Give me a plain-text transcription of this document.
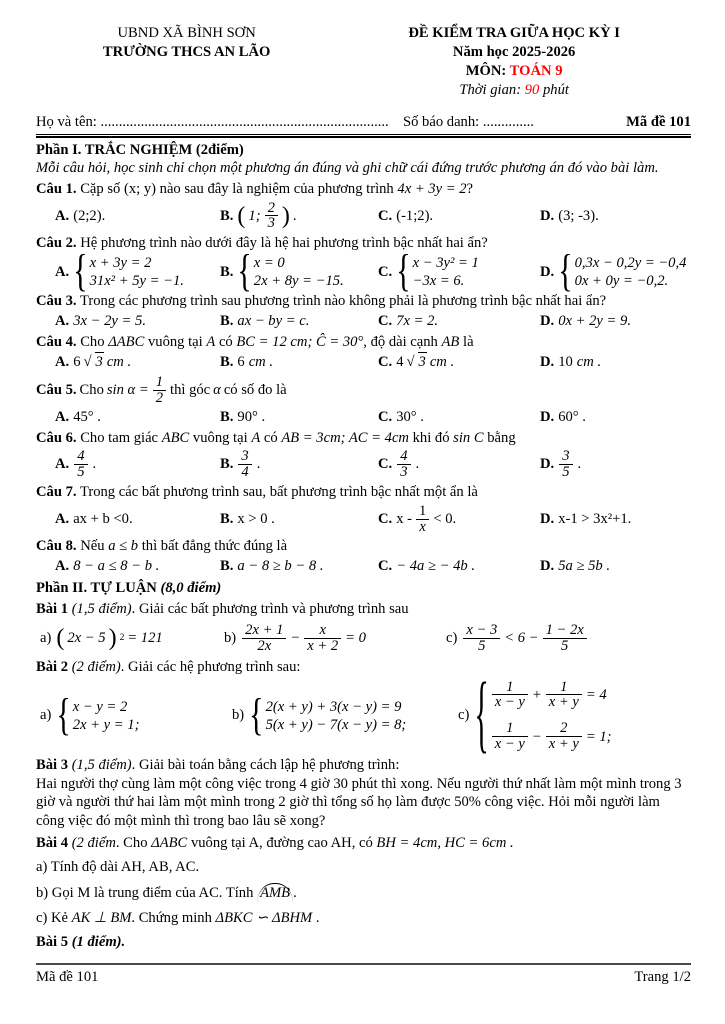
UBND XÃ BÌNH SƠN
TRƯỜNG THCS AN LÃO
ĐỀ KIỂM TRA GIỮA HỌC KỲ I
Năm học 2025-2026
MÔN: TOÁN 9
Thời gian: 90 phút
Họ và tên: ............................................................................... Số báo danh: ..............	Mã đề 101

Phần I. TRẮC NGHIỆM (2điểm)

Mỗi câu hỏi, học sinh chỉ chọn một phương án đúng và ghi chữ cái đứng trước phương án đó vào bài làm.

Câu 1. Cặp số (x; y) nào sau đây là nghiệm của phương trình 4x + 3y = 2?

A. (2;2).	B. ( 1; $\frac{2}{3}$ ) .	C. (-1;2).	D. (3; -3).

Câu 2. Hệ phương trình nào dưới đây là hệ hai phương trình bậc nhất hai ẩn?

A. { x + 3y = 2
31x² + 5y = −1.
B. { x = 0
2x + 8y = −15.
C. { x − 3y² = 1
−3x = 6.
D. { 0,3x − 0,2y = −0,4
0x + 0y = −0,2.

Câu 3. Trong các phương trình sau phương trình nào không phải là phương trình bậc nhất hai ẩn?

A. 3x − 2y = 5.	B. ax − by = c.	C. 7x = 2.	D. 0x + 2y = 9.

Câu 4. Cho ΔABC vuông tại A có BC = 12 cm; Ĉ = 30°, độ dài cạnh AB là

A. 6 √ 3 cm .	B. 6 cm .	C. 4 √ 3 cm .	D. 10 cm .

Câu 5. Cho $\sin \alpha = \frac{1}{2}$ thì góc α có số đo là

A. 45° .	B. 90° .	C. 30° .	D. 60° .

Câu 6. Cho tam giác ABC vuông tại A có AB = 3cm; AC = 4cm khi đó sin C bằng

A. $\frac{4}{5}$ .	B. $\frac{3}{4}$ .	C. $\frac{4}{3}$ .	D. $\frac{3}{5}$ .

Câu 7. Trong các bất phương trình sau, bất phương trình bậc nhất một ẩn là

A. ax + b <0.	B. x > 0 .	C. $x - \frac{1}{x} < 0$.	D. x-1 > 3x²+1.

Câu 8. Nếu a ≤ b thì bất đẳng thức đúng là

A. 8 − a ≤ 8 − b .	B. a − 8 ≥ b − 8 .	C. − 4a ≥ − 4b .	D. 5a ≥ 5b .

Phần II. TỰ LUẬN (8,0 điểm)

Bài 1 (1,5 điểm). Giải các bất phương trình và phương trình sau

a) ( 2x − 5 ) 2 = 121	$b) \frac{2x + 1}{2x} - \frac{x}{x + 2} = 0$	$c) \frac{x - 3}{5} < 6 - \frac{1 - 2x}{5}$

Bài 2 (2 điểm). Giải các hệ phương trình sau:

a) { x − y = 2
2x + y = 1;
b) { 2(x + y) + 3(x − y) = 9
5(x + y) − 7(x − y) = 8;
c) { $\frac{1}{x - y} + \frac{1}{x + y} = 4$
$\frac{1}{x - y} - \frac{2}{x + y} = 1$;

Bài 3 (1,5 điểm). Giải bài toán bằng cách lập hệ phương trình:

Hai người thợ cùng làm một công việc trong 4 giờ 30 phút thì xong. Nếu người thứ nhất làm một mình trong 3 giờ và người thứ hai làm một mình trong 2 giờ thì tổng số họ làm được 50% công việc. Hỏi mỗi người làm công việc đó một mình thì trong bao lâu sẽ xong?

Bài 4 (2 điểm. Cho ΔABC vuông tại A, đường cao AH, có BH = 4cm, HC = 6cm .

a) Tính độ dài AH, AB, AC.

b) Gọi M là trung điểm của AC. Tính AMB .

c) Kẻ AK ⊥ BM. Chứng minh ΔBKC ∽ ΔBHM .

Bài 5 (1 điểm).

Mã đề 101	Trang 1/2
